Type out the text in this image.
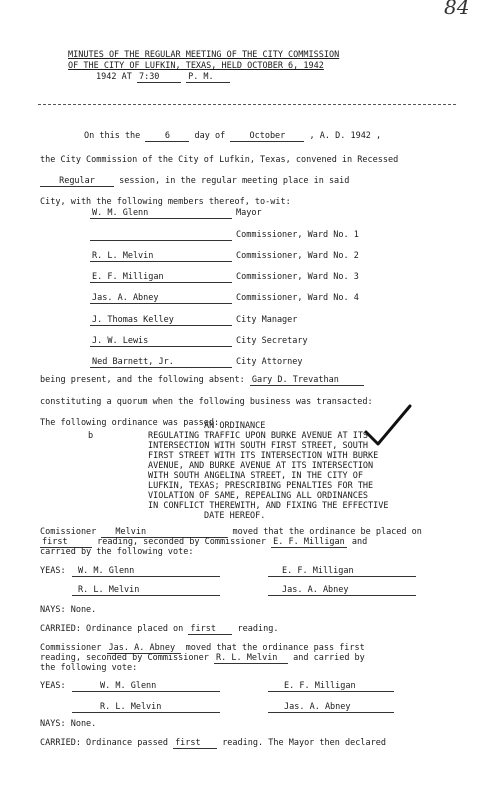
84
MINUTES OF THE REGULAR MEETING OF THE CITY COMMISSION
OF THE CITY OF LUFKIN, TEXAS, HELD OCTOBER 6, 1942
1942 AT 7:30	P. M.
On this the	6	day of	October	, A. D. 1942 ,
the City Commission of the City of Lufkin, Texas, convened in Recessed
Regular	session, in the regular meeting place in said
City, with the following members thereof, to-wit:
W. M. Glenn	Mayor
Commissioner, Ward No. 1
R. L. Melvin	Commissioner, Ward No. 2
E. F. Milligan	Commissioner, Ward No. 3
Jas. A. Abney	Commissioner, Ward No. 4
J. Thomas Kelley	City Manager
J. W. Lewis	City Secretary
Ned Barnett, Jr.	City Attorney
being present, and the following absent: Gary D. Trevathan
constituting a quorum when the following business was transacted:
The following ordinance was passed:
b
AN ORDINANCE
REGULATING TRAFFIC UPON BURKE AVENUE AT ITS
INTERSECTION WITH SOUTH FIRST STREET, SOUTH
FIRST STREET WITH ITS INTERSECTION WITH BURKE
AVENUE, AND BURKE AVENUE AT ITS INTERSECTION
WITH SOUTH ANGELINA STREET, IN THE CITY OF
LUFKIN, TEXAS; PRESCRIBING PENALTIES FOR THE
VIOLATION OF SAME, REPEALING ALL ORDINANCES
IN CONFLICT THEREWITH, AND FIXING THE EFFECTIVE
DATE HEREOF.
Comissioner Melvin	moved that the ordinance be placed on
first	reading, seconded by Commissioner E. F. Milligan and
carried by the following vote:
YEAS: W. M. Glenn	E. F. Milligan
R. L. Melvin	Jas. A. Abney
NAYS: None.
CARRIED: Ordinance placed on first	reading.
Commissioner Jas. A. Abney moved that the ordinance pass first
reading, seconded by Commissioner R. L. Melvin and carried by
the following vote:
YEAS:	W. M. Glenn	E. F. Milligan
R. L. Melvin	Jas. A. Abney
NAYS: None.
CARRIED: Ordinance passed first	reading. The Mayor then declared
